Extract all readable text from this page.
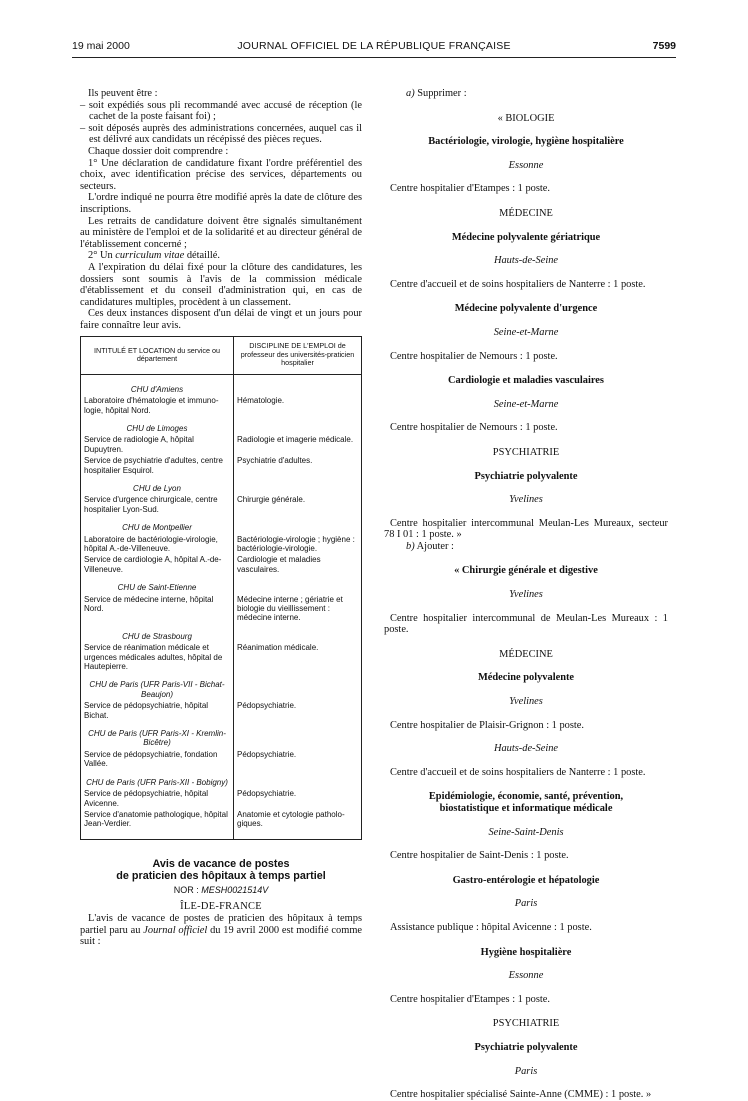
19 mai 2000	JOURNAL OFFICIEL DE LA RÉPUBLIQUE FRANÇAISE	7599

Ils peuvent être :

– soit expédiés sous pli recommandé avec accusé de réception (le cachet de la poste faisant foi) ;

– soit déposés auprès des administrations concernées, auquel cas il est délivré aux candidats un récépissé des pièces reçues.

Chaque dossier doit comprendre :

1° Une déclaration de candidature fixant l'ordre préférentiel des choix, avec identification précise des services, départements ou secteurs.

L'ordre indiqué ne pourra être modifié après la date de clôture des inscriptions.

Les retraits de candidature doivent être signalés simultanément au ministère de l'emploi et de la solidarité et au directeur général de l'établissement concerné ;

2° Un curriculum vitae détaillé.

A l'expiration du délai fixé pour la clôture des candidatures, les dossiers sont soumis à l'avis de la commission médicale d'établissement et du conseil d'administration qui, en cas de candidatures multiples, procèdent à un classement.

Ces deux instances disposent d'un délai de vingt et un jours pour faire connaître leur avis.

INTITULÉ ET LOCATION du service ou département	DISCIPLINE DE L'EMPLOI de professeur des universités-praticien hospitalier
CHU d'Amiens	
Laboratoire d'hématologie et immuno-logie, hôpital Nord.	Hématologie.
CHU de Limoges	
Service de radiologie A, hôpital Dupuytren.	Radiologie et imagerie médicale.
Service de psychiatrie d'adultes, centre hospitalier Esquirol.	Psychiatrie d'adultes.
CHU de Lyon	
Service d'urgence chirurgicale, centre hospitalier Lyon-Sud.	Chirurgie générale.
CHU de Montpellier	
Laboratoire de bactériologie-virologie, hôpital A.-de-Villeneuve.	Bactériologie-virologie ; hygiène : bactériologie-virologie.
Service de cardiologie A, hôpital A.-de-Villeneuve.	Cardiologie et maladies vasculaires.
CHU de Saint-Etienne	
Service de médecine interne, hôpital Nord.	Médecine interne ; gériatrie et biologie du vieillissement : médecine interne.
CHU de Strasbourg	
Service de réanimation médicale et urgences médicales adultes, hôpital de Hautepierre.	Réanimation médicale.
CHU de Paris (UFR Paris-VII - Bichat-Beaujon)	
Service de pédopsychiatrie, hôpital Bichat.	Pédopsychiatrie.
CHU de Paris (UFR Paris-XI - Kremlin-Bicêtre)	
Service de pédopsychiatrie, fondation Vallée.	Pédopsychiatrie.
CHU de Paris (UFR Paris-XII - Bobigny)	
Service de pédopsychiatrie, hôpital Avicenne.	Pédopsychiatrie.
Service d'anatomie pathologique, hôpital Jean-Verdier.	Anatomie et cytologie patholo-giques.
Avis de vacance de postes
de praticien des hôpitaux à temps partiel
NOR : MESH0021514V
ÎLE-DE-FRANCE

L'avis de vacance de postes de praticien des hôpitaux à temps partiel paru au Journal officiel du 19 avril 2000 est modifié comme suit :

a) Supprimer :

« BIOLOGIE

Bactériologie, virologie, hygiène hospitalière

Essonne

Centre hospitalier d'Etampes : 1 poste.

MÉDECINE

Médecine polyvalente gériatrique

Hauts-de-Seine

Centre d'accueil et de soins hospitaliers de Nanterre : 1 poste.

Médecine polyvalente d'urgence

Seine-et-Marne

Centre hospitalier de Nemours : 1 poste.

Cardiologie et maladies vasculaires

Seine-et-Marne

Centre hospitalier de Nemours : 1 poste.

PSYCHIATRIE

Psychiatrie polyvalente

Yvelines

Centre hospitalier intercommunal Meulan-Les Mureaux, secteur 78 I 01 : 1 poste. »

b) Ajouter :

« Chirurgie générale et digestive

Yvelines

Centre hospitalier intercommunal de Meulan-Les Mureaux : 1 poste.

MÉDECINE

Médecine polyvalente

Yvelines

Centre hospitalier de Plaisir-Grignon : 1 poste.

Hauts-de-Seine

Centre d'accueil et de soins hospitaliers de Nanterre : 1 poste.

Epidémiologie, économie, santé, prévention,
biostatistique et informatique médicale

Seine-Saint-Denis

Centre hospitalier de Saint-Denis : 1 poste.

Gastro-entérologie et hépatologie

Paris

Assistance publique : hôpital Avicenne : 1 poste.

Hygiène hospitalière

Essonne

Centre hospitalier d'Etampes : 1 poste.

PSYCHIATRIE

Psychiatrie polyvalente

Paris

Centre hospitalier spécialisé Sainte-Anne (CMME) : 1 poste. »
